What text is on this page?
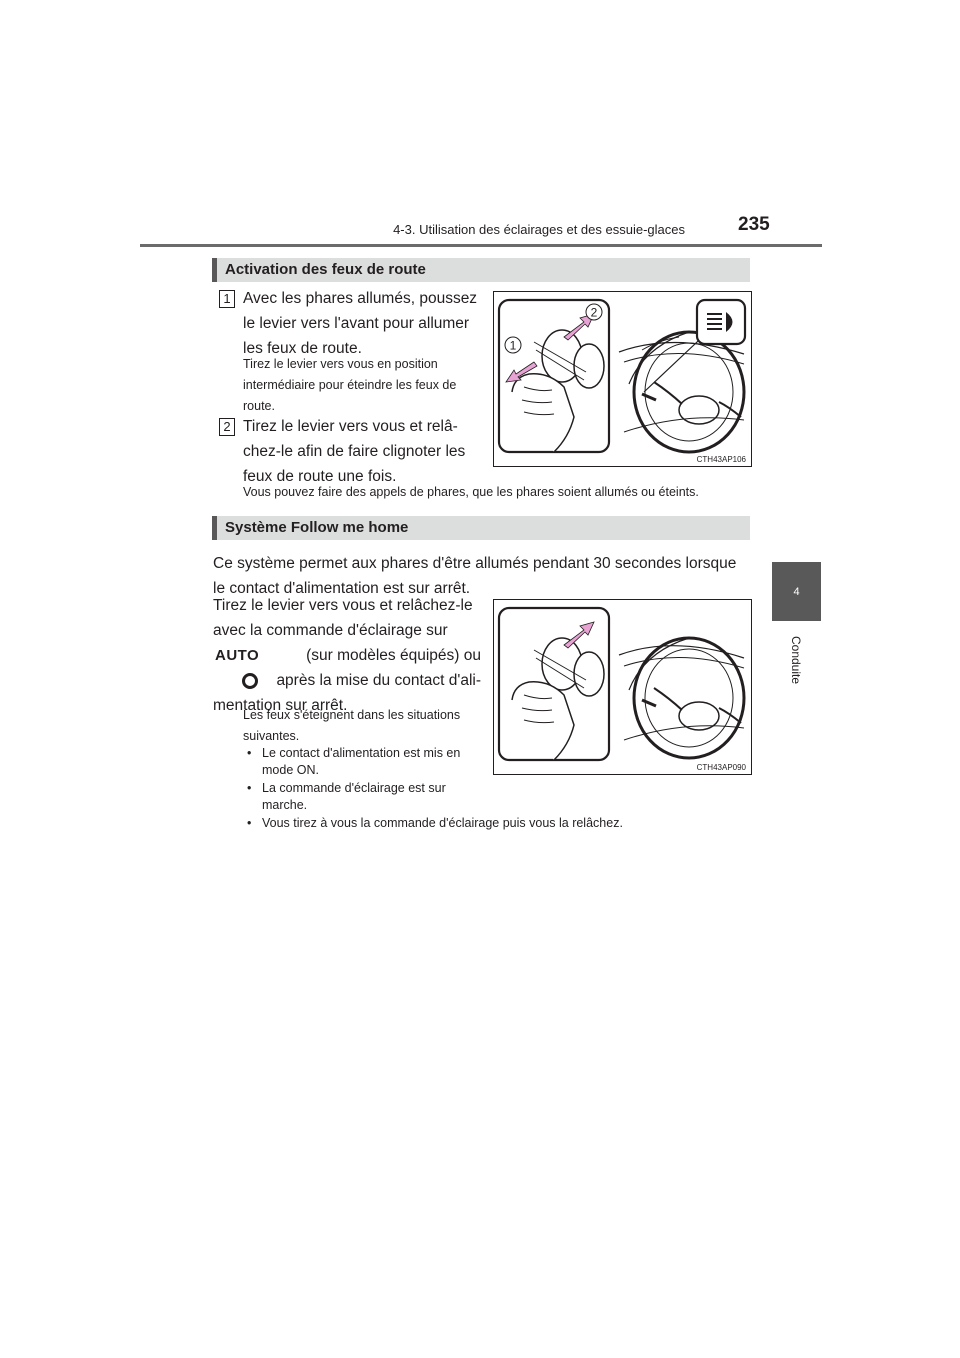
4-3. Utilisation des éclairages et des essuie-glaces	235
4
Conduite
Activation des feux de route
1 Avec les phares allumés, poussez
le levier vers l'avant pour allumer
les feux de route.
Tirez le levier vers vous en position
intermédiaire pour éteindre les feux de
route.
2 Tirez le levier vers vous et relâ-
chez-le afin de faire clignoter les
feux de route une fois.
2
1
CTH43AP106
Vous pouvez faire des appels de phares, que les phares soient allumés ou éteints.
Système Follow me home
Ce système permet aux phares d'être allumés pendant 30 secondes lorsque
le contact d'alimentation est sur arrêt.
Tirez le levier vers vous et relâchez-le
avec la commande d'éclairage sur
AUTO	(sur modèles équipés) ou
après la mise du contact d'ali-
mentation sur arrêt.
Les feux s'éteignent dans les situations
suivantes.
• Le contact d'alimentation est mis en
mode ON.
• La commande d'éclairage est sur
marche.
• Vous tirez à vous la commande d'éclairage puis vous la relâchez.
CTH43AP090
